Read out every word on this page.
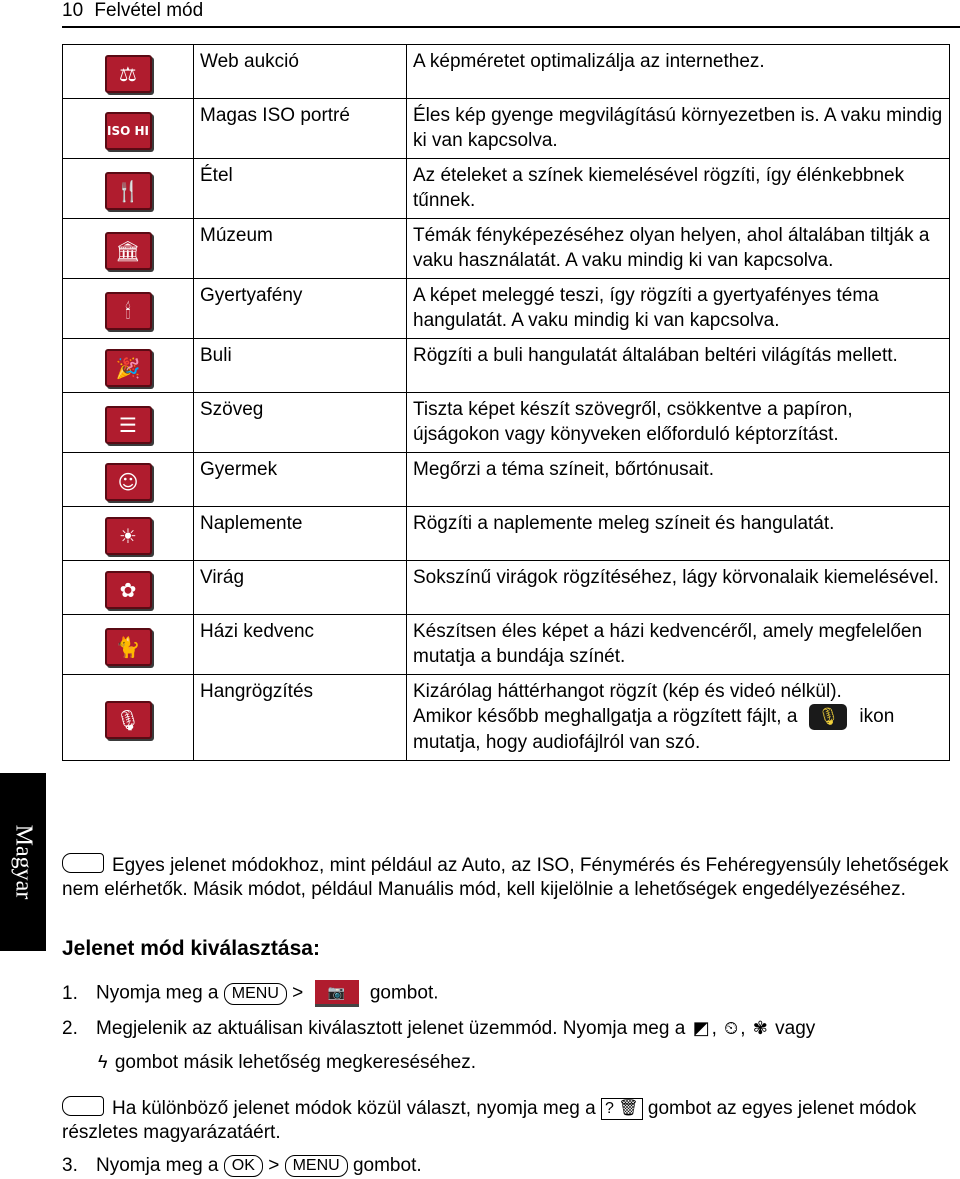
10 Felvétel mód
Magyar
⚖	Web aukció	A képméretet optimalizálja az internethez.
ISO HI	Magas ISO portré	Éles kép gyenge megvilágítású környezetben is. A vaku mindig ki van kapcsolva.
🍴	Étel	Az ételeket a színek kiemelésével rögzíti, így élénkebbnek tűnnek.
🏛	Múzeum	Témák fényképezéséhez olyan helyen, ahol általában tiltják a vaku használatát. A vaku mindig ki van kapcsolva.
🕯	Gyertyafény	A képet meleggé teszi, így rögzíti a gyertyafényes téma hangulatát. A vaku mindig ki van kapcsolva.
🎉	Buli	Rögzíti a buli hangulatát általában beltéri világítás mellett.
☰	Szöveg	Tiszta képet készít szövegről, csökkentve a papíron, újságokon vagy könyveken előforduló képtorzítást.
☺	Gyermek	Megőrzi a téma színeit, bőrtónusait.
☀	Naplemente	Rögzíti a naplemente meleg színeit és hangulatát.
✿	Virág	Sokszínű virágok rögzítéséhez, lágy körvonalaik kiemelésével.
🐈	Házi kedvenc	Készítsen éles képet a házi kedvencéről, amely megfelelően mutatja a bundája színét.
🎙	Hangrögzítés	Kizárólag háttérhangot rögzít (kép és videó nélkül).
Amikor később meghallgatja a rögzített fájlt, a 🎙 ikon mutatja, hogy audiofájlról van szó.
Egyes jelenet módokhoz, mint például az Auto, az ISO, Fénymérés és Fehéregyensúly lehetőségek nem elérhetők. Másik módot, például Manuális mód, kell kijelölnie a lehetőségek engedélyezéséhez.
Jelenet mód kiválasztása:
1. Nyomja meg a MENU > 📷 gombot.
2. Megjelenik az aktuálisan kiválasztott jelenet üzemmód. Nyomja meg a ◩ , ⏲ , ✾ vagy
ϟ gombot másik lehetőség megkereséséhez.
Ha különböző jelenet módok közül választ, nyomja meg a ? 🗑 gombot az egyes jelenet módok részletes magyarázatáért.
3. Nyomja meg a OK > MENU gombot.
